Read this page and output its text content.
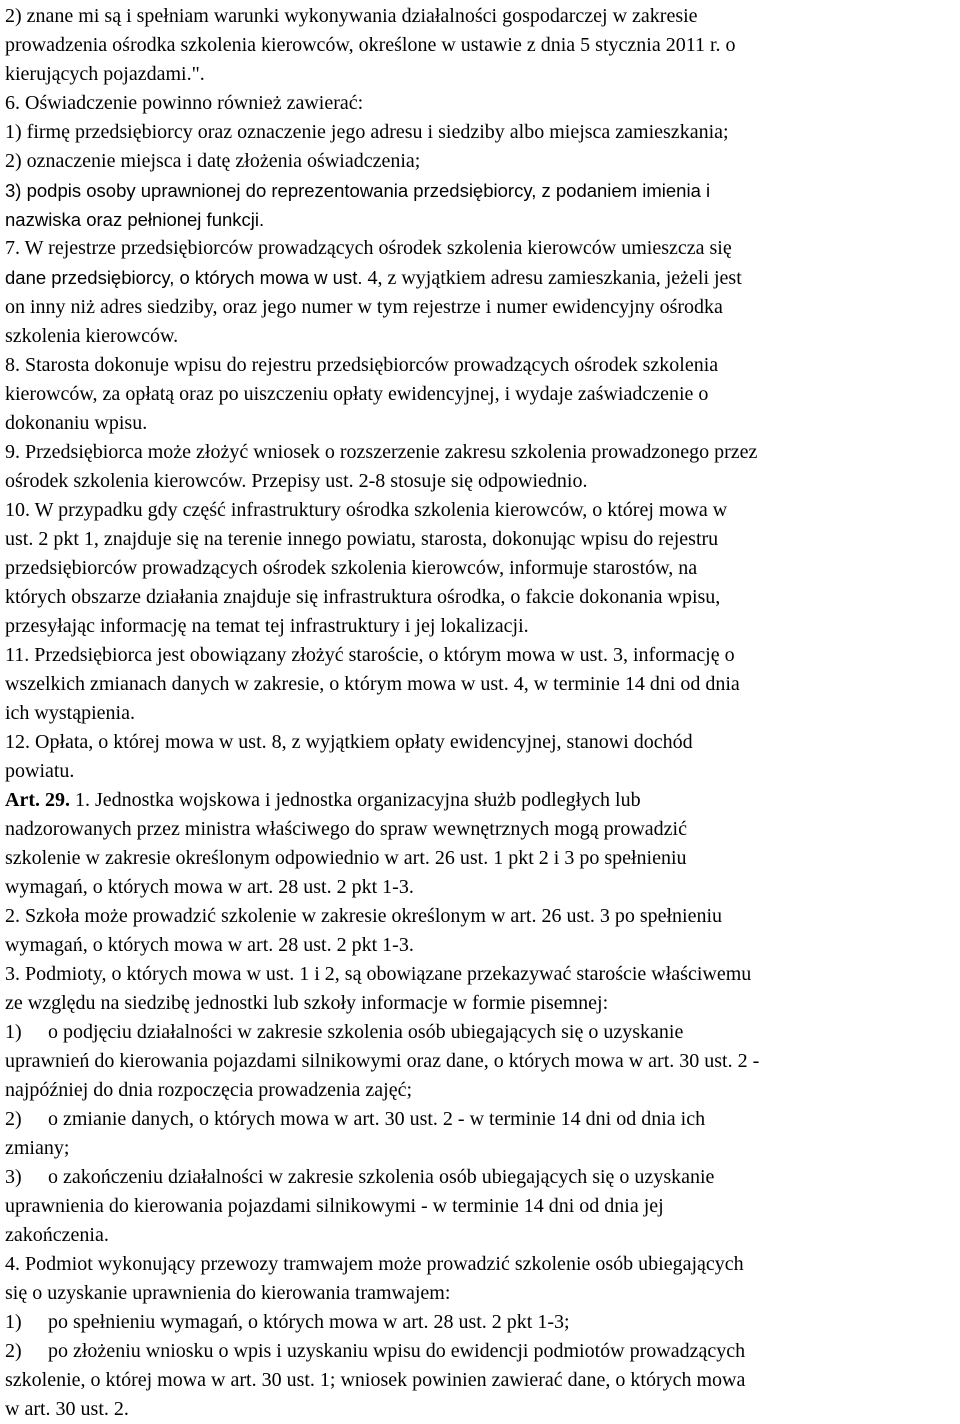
2) znane mi są i spełniam warunki wykonywania działalności gospodarczej w zakresie
prowadzenia ośrodka szkolenia kierowców, określone w ustawie z dnia 5 stycznia 2011 r. o
kierujących pojazdami.".
6. Oświadczenie powinno również zawierać:
1) firmę przedsiębiorcy oraz oznaczenie jego adresu i siedziby albo miejsca zamieszkania;
2) oznaczenie miejsca i datę złożenia oświadczenia;
3) podpis osoby uprawnionej do reprezentowania przedsiębiorcy, z podaniem imienia i
nazwiska oraz pełnionej funkcji.
7. W rejestrze przedsiębiorców prowadzących ośrodek szkolenia kierowców umieszcza się
dane przedsiębiorcy, o których mowa w ust. 4, z wyjątkiem adresu zamieszkania, jeżeli jest
on inny niż adres siedziby, oraz jego numer w tym rejestrze i numer ewidencyjny ośrodka
szkolenia kierowców.
8. Starosta dokonuje wpisu do rejestru przedsiębiorców prowadzących ośrodek szkolenia
kierowców, za opłatą oraz po uiszczeniu opłaty ewidencyjnej, i wydaje zaświadczenie o
dokonaniu wpisu.
9. Przedsiębiorca może złożyć wniosek o rozszerzenie zakresu szkolenia prowadzonego przez
ośrodek szkolenia kierowców. Przepisy ust. 2-8 stosuje się odpowiednio.
10. W przypadku gdy część infrastruktury ośrodka szkolenia kierowców, o której mowa w
ust. 2 pkt 1, znajduje się na terenie innego powiatu, starosta, dokonując wpisu do rejestru
przedsiębiorców prowadzących ośrodek szkolenia kierowców, informuje starostów, na
których obszarze działania znajduje się infrastruktura ośrodka, o fakcie dokonania wpisu,
przesyłając informację na temat tej infrastruktury i jej lokalizacji.
11. Przedsiębiorca jest obowiązany złożyć staroście, o którym mowa w ust. 3, informację o
wszelkich zmianach danych w zakresie, o którym mowa w ust. 4, w terminie 14 dni od dnia
ich wystąpienia.
12. Opłata, o której mowa w ust. 8, z wyjątkiem opłaty ewidencyjnej, stanowi dochód
powiatu.
Art. 29. 1. Jednostka wojskowa i jednostka organizacyjna służb podległych lub
nadzorowanych przez ministra właściwego do spraw wewnętrznych mogą prowadzić
szkolenie w zakresie określonym odpowiednio w art. 26 ust. 1 pkt 2 i 3 po spełnieniu
wymagań, o których mowa w art. 28 ust. 2 pkt 1-3.
2. Szkoła może prowadzić szkolenie w zakresie określonym w art. 26 ust. 3 po spełnieniu
wymagań, o których mowa w art. 28 ust. 2 pkt 1-3.
3. Podmioty, o których mowa w ust. 1 i 2, są obowiązane przekazywać staroście właściwemu
ze względu na siedzibę jednostki lub szkoły informacje w formie pisemnej:
1) o podjęciu działalności w zakresie szkolenia osób ubiegających się o uzyskanie
uprawnień do kierowania pojazdami silnikowymi oraz dane, o których mowa w art. 30 ust. 2 -
najpóźniej do dnia rozpoczęcia prowadzenia zajęć;
2) o zmianie danych, o których mowa w art. 30 ust. 2 - w terminie 14 dni od dnia ich
zmiany;
3) o zakończeniu działalności w zakresie szkolenia osób ubiegających się o uzyskanie
uprawnienia do kierowania pojazdami silnikowymi - w terminie 14 dni od dnia jej
zakończenia.
4. Podmiot wykonujący przewozy tramwajem może prowadzić szkolenie osób ubiegających
się o uzyskanie uprawnienia do kierowania tramwajem:
1) po spełnieniu wymagań, o których mowa w art. 28 ust. 2 pkt 1-3;
2) po złożeniu wniosku o wpis i uzyskaniu wpisu do ewidencji podmiotów prowadzących
szkolenie, o której mowa w art. 30 ust. 1; wniosek powinien zawierać dane, o których mowa
w art. 30 ust. 2.
